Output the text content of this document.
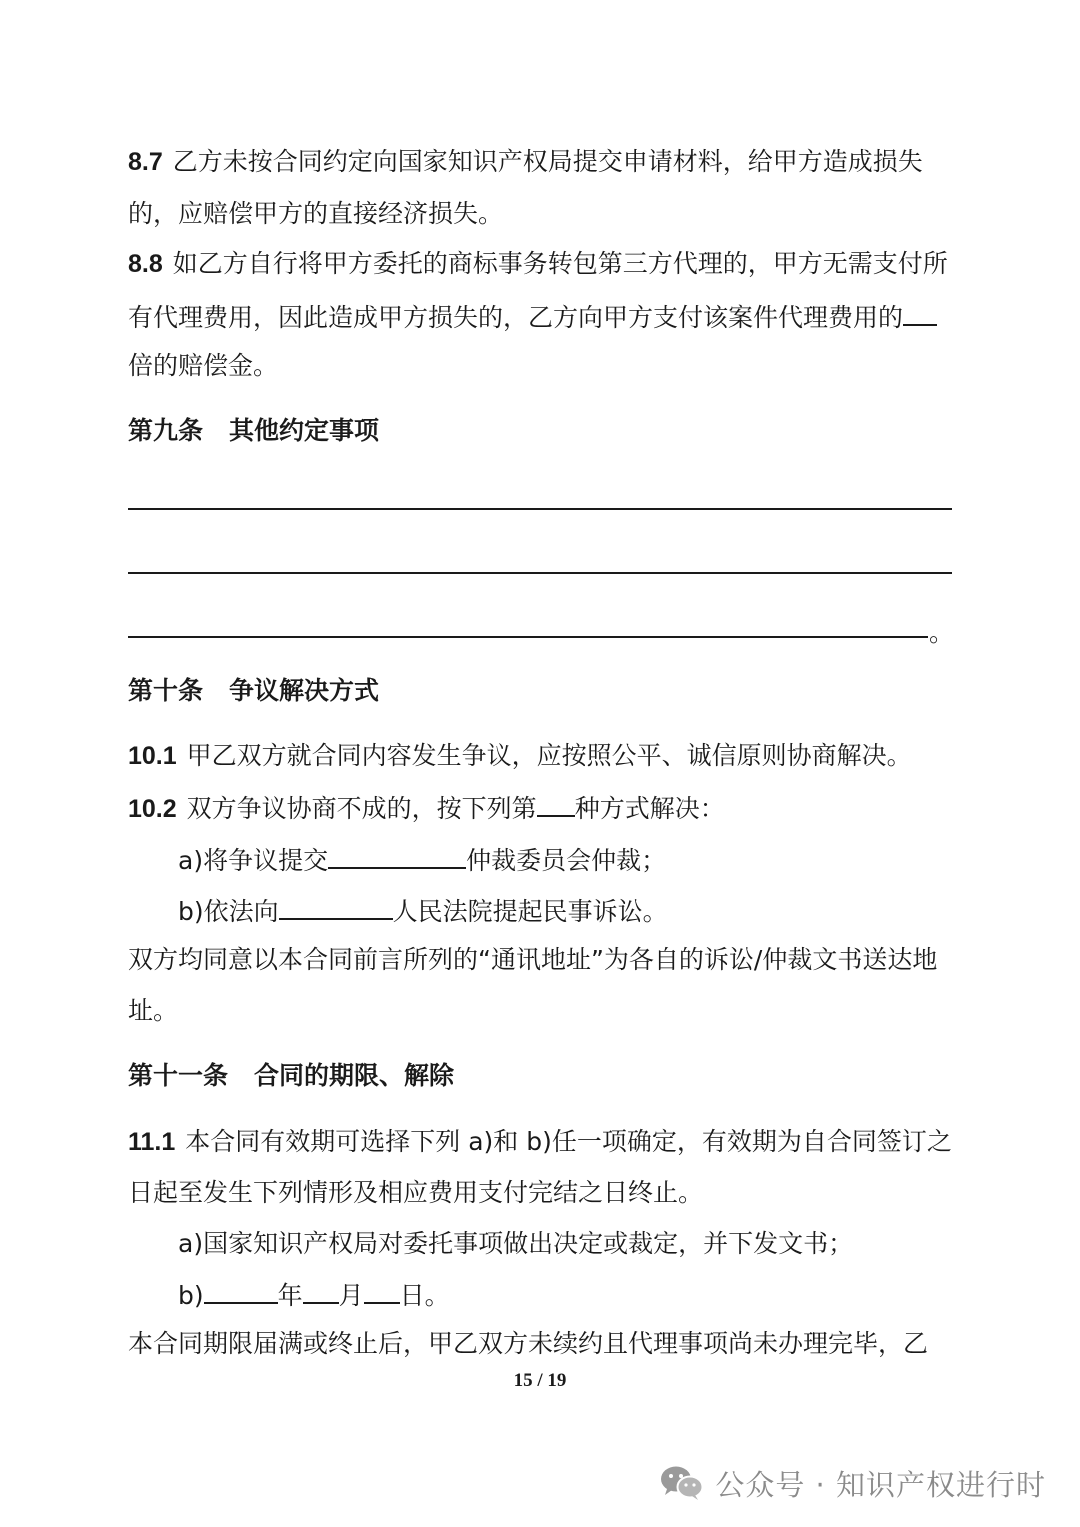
8.7 乙方未按合同约定向国家知识产权局提交申请材料，给甲方造成损失
的，应赔偿甲方的直接经济损失。
8.8 如乙方自行将甲方委托的商标事务转包第三方代理的，甲方无需支付所
有代理费用，因此造成甲方损失的，乙方向甲方支付该案件代理费用的
倍的赔偿金。
第九条 其他约定事项
。
第十条 争议解决方式
10.1 甲乙双方就合同内容发生争议，应按照公平、诚信原则协商解决。
10.2 双方争议协商不成的，按下列第 种方式解决：
a)将争议提交	仲裁委员会仲裁；
b)依法向	人民法院提起民事诉讼。
双方均同意以本合同前言所列的“通讯地址”为各自的诉讼/仲裁文书送达地
址。
第十一条 合同的期限、解除
11.1 本合同有效期可选择下列 a)和 b)任一项确定，有效期为自合同签订之
日起至发生下列情形及相应费用支付完结之日终止。
a)国家知识产权局对委托事项做出决定或裁定，并下发文书；
b)	年 月 日。
本合同期限届满或终止后，甲乙双方未续约且代理事项尚未办理完毕，乙
15 / 19
公众号 · 知识产权进行时
